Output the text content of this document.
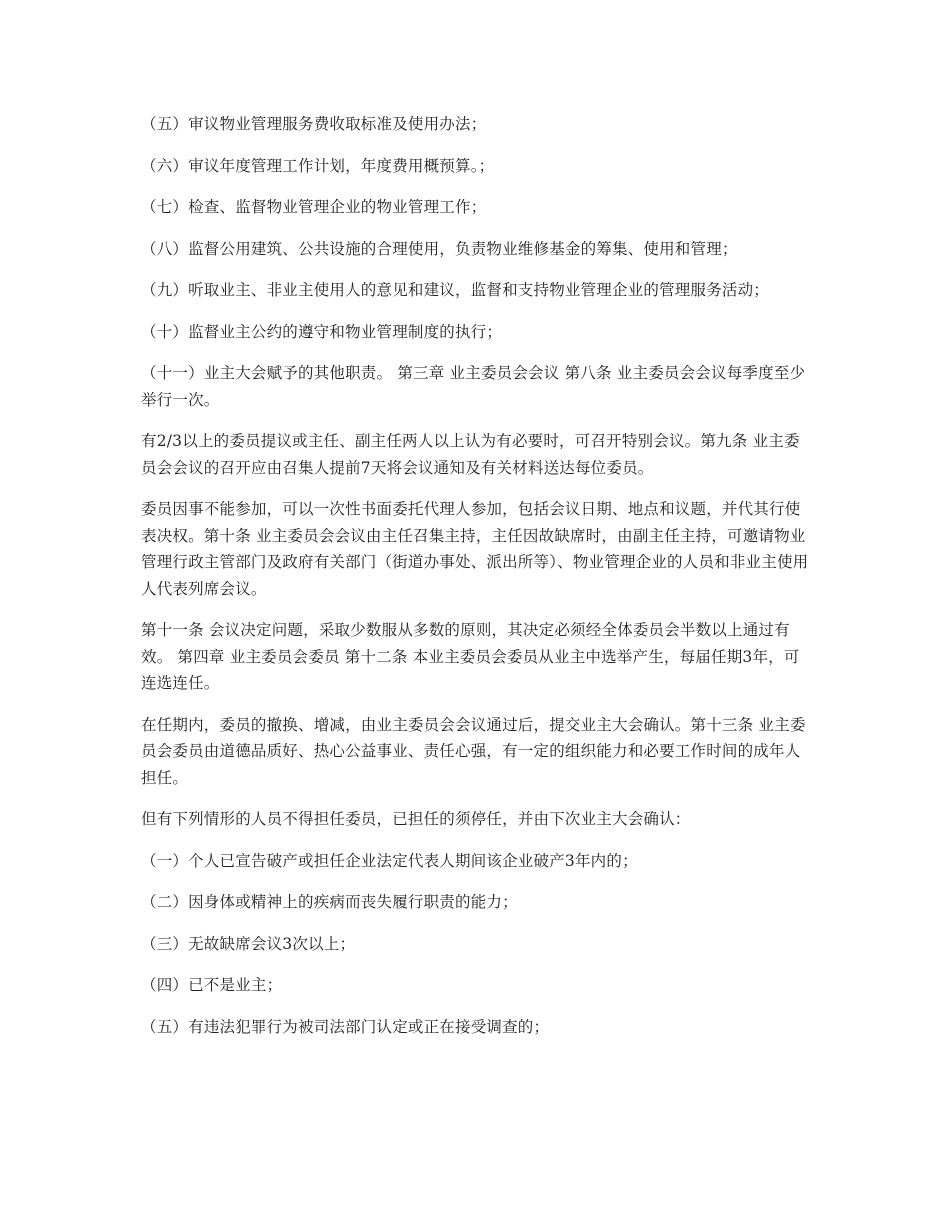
（五）审议物业管理服务费收取标准及使用办法；

（六）审议年度管理工作计划，年度费用概预算。；

（七）检查、监督物业管理企业的物业管理工作；

（八）监督公用建筑、公共设施的合理使用，负责物业维修基金的筹集、使用和管理；

（九）听取业主、非业主使用人的意见和建议，监督和支持物业管理企业的管理服务活动；

（十）监督业主公约的遵守和物业管理制度的执行；

（十一）业主大会赋予的其他职责。 第三章 业主委员会会议 第八条 业主委员会会议每季度至少举行一次。

有2/3以上的委员提议或主任、副主任两人以上认为有必要时，可召开特别会议。第九条 业主委员会会议的召开应由召集人提前7天将会议通知及有关材料送达每位委员。

委员因事不能参加，可以一次性书面委托代理人参加，包括会议日期、地点和议题，并代其行使表决权。第十条 业主委员会会议由主任召集主持，主任因故缺席时，由副主任主持，可邀请物业管理行政主管部门及政府有关部门（街道办事处、派出所等）、物业管理企业的人员和非业主使用人代表列席会议。

第十一条 会议决定问题，采取少数服从多数的原则，其决定必须经全体委员会半数以上通过有效。 第四章 业主委员会委员 第十二条 本业主委员会委员从业主中选举产生，每届任期3年，可连选连任。

在任期内，委员的撤换、增减，由业主委员会会议通过后，提交业主大会确认。第十三条 业主委员会委员由道德品质好、热心公益事业、责任心强，有一定的组织能力和必要工作时间的成年人担任。

但有下列情形的人员不得担任委员，已担任的须停任，并由下次业主大会确认：

（一）个人已宣告破产或担任企业法定代表人期间该企业破产3年内的；

（二）因身体或精神上的疾病而丧失履行职责的能力；

（三）无故缺席会议3次以上；

（四）已不是业主；

（五）有违法犯罪行为被司法部门认定或正在接受调查的；
